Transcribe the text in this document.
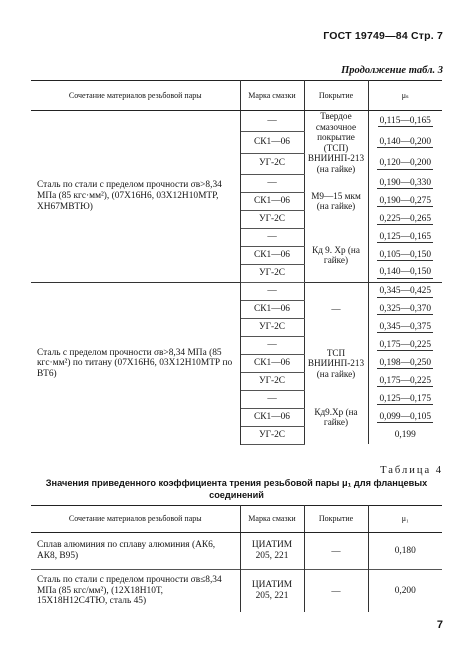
ГОСТ 19749—84 Стр. 7
Продолжение табл. 3
Сочетание материалов резьбовой пары	Марка смазки	Покрытие	μₛ
Сталь по стали с пределом прочности σв>8,34 МПа (85 кгс·мм²), (07Х16Н6, 03Х12Н10МТР, ХН67МВТЮ)	—	Твердое смазочное покрытие (ТСП) ВНИИНП-213 (на гайке)	0,115—0,165
	СК1—06		0,140—0,200
	УГ-2С		0,120—0,200
	—	М9—15 мкм (на гайке)	0,190—0,330
	СК1—06		0,190—0,275
	УГ-2С		0,225—0,265
	—	Кд 9. Хр (на гайке)	0,125—0,165
	СК1—06		0,105—0,150
	УГ-2С		0,140—0,150
Сталь с пределом прочности σв>8,34 МПа (85 кгс·мм²) по титану (07Х16Н6, 03Х12Н10МТР по ВТ6)	—	—	0,345—0,425
	СК1—06		0,325—0,370
	УГ-2С		0,345—0,375
	—	ТСП ВНИИНП-213 (на гайке)	0,175—0,225
	СК1—06		0,198—0,250
	УГ-2С		0,175—0,225
	—	Кд9.Хр (на гайке)	0,125—0,175
	СК1—06		0,099—0,105
	УГ-2С		0,199
Таблица 4
Значения приведенного коэффициента трения резьбовой пары μ₁ для фланцевых соединений
Сочетание материалов резьбовой пары	Марка смазки	Покрытие	μ₁
Сплав алюминия по сплаву алюминия (АК6, АК8, В95)	ЦИАТИМ 205, 221	—	0,180
Сталь по стали с пределом прочности σв≤8,34 МПа (85 кгс/мм²), (12Х18Н10Т, 15Х18Н12С4ТЮ, сталь 45)	ЦИАТИМ 205, 221	—	0,200
7
